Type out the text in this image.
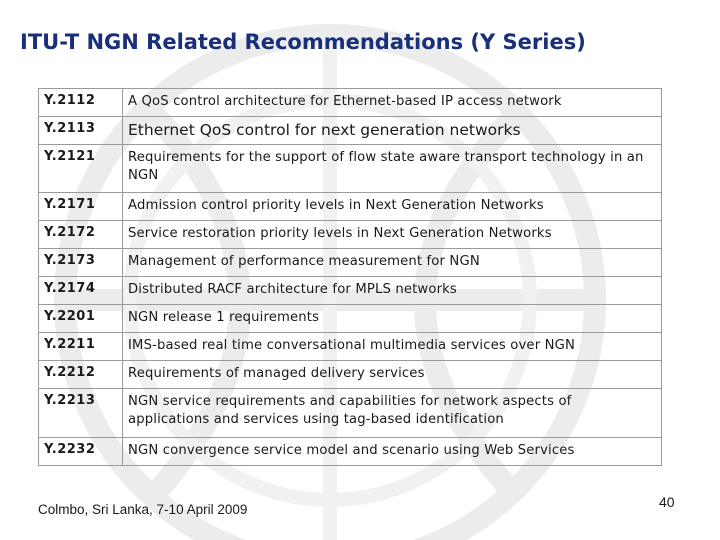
ITU-T NGN Related Recommendations (Y Series)
Y.2112	A QoS control architecture for Ethernet-based IP access network
Y.2113	Ethernet QoS control for next generation networks
Y.2121	Requirements for the support of flow state aware transport technology in an NGN
Y.2171	Admission control priority levels in Next Generation Networks
Y.2172	Service restoration priority levels in Next Generation Networks
Y.2173	Management of performance measurement for NGN
Y.2174	Distributed RACF architecture for MPLS networks
Y.2201	NGN release 1 requirements
Y.2211	IMS-based real time conversational multimedia services over NGN
Y.2212	Requirements of managed delivery services
Y.2213	NGN service requirements and capabilities for network aspects of applications and services using tag-based identification
Y.2232	NGN convergence service model and scenario using Web Services
Colmbo, Sri Lanka, 7-10 April 2009	40
